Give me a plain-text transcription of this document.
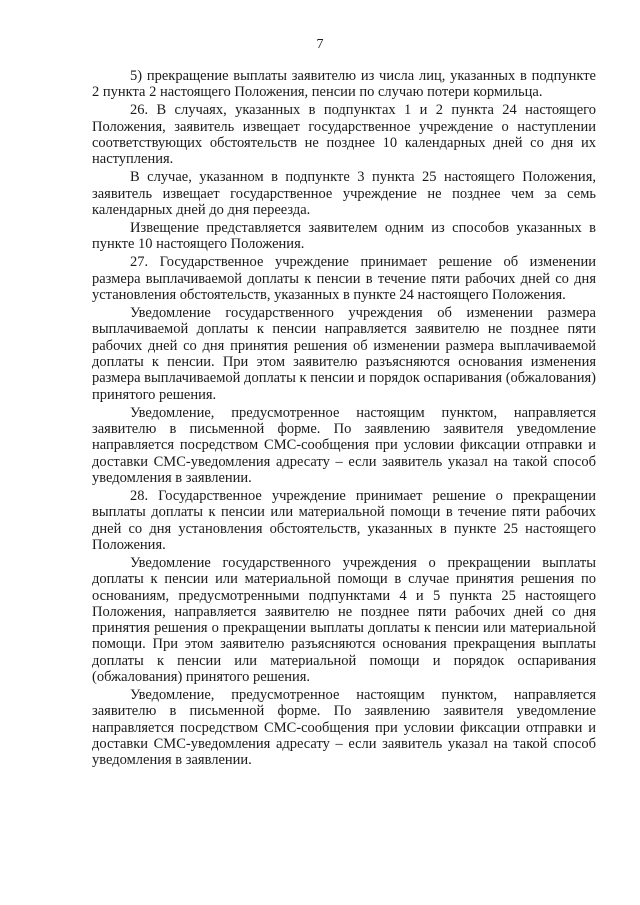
7

5) прекращение выплаты заявителю из числа лиц, указанных в подпункте 2 пункта 2 настоящего Положения, пенсии по случаю потери кормильца.

26. В случаях, указанных в подпунктах 1 и 2 пункта 24 настоящего Положения, заявитель извещает государственное учреждение о наступлении соответствующих обстоятельств не позднее 10 календарных дней со дня их наступления.

В случае, указанном в подпункте 3 пункта 25 настоящего Положения, заявитель извещает государственное учреждение не позднее чем за семь календарных дней до дня переезда.

Извещение представляется заявителем одним из способов указанных в пункте 10 настоящего Положения.

27. Государственное учреждение принимает решение об изменении размера выплачиваемой доплаты к пенсии в течение пяти рабочих дней со дня установления обстоятельств, указанных в пункте 24 настоящего Положения.

Уведомление государственного учреждения об изменении размера выплачиваемой доплаты к пенсии направляется заявителю не позднее пяти рабочих дней со дня принятия решения об изменении размера выплачиваемой доплаты к пенсии. При этом заявителю разъясняются основания изменения размера выплачиваемой доплаты к пенсии и порядок оспаривания (обжалования) принятого решения.

Уведомление, предусмотренное настоящим пунктом, направляется заявителю в письменной форме. По заявлению заявителя уведомление направляется посредством СМС-сообщения при условии фиксации отправки и доставки СМС-уведомления адресату – если заявитель указал на такой способ уведомления в заявлении.

28. Государственное учреждение принимает решение о прекращении выплаты доплаты к пенсии или материальной помощи в течение пяти рабочих дней со дня установления обстоятельств, указанных в пункте 25 настоящего Положения.

Уведомление государственного учреждения о прекращении выплаты доплаты к пенсии или материальной помощи в случае принятия решения по основаниям, предусмотренными подпунктами 4 и 5 пункта 25 настоящего Положения, направляется заявителю не позднее пяти рабочих дней со дня принятия решения о прекращении выплаты доплаты к пенсии или материальной помощи. При этом заявителю разъясняются основания прекращения выплаты доплаты к пенсии или материальной помощи и порядок оспаривания (обжалования) принятого решения.

Уведомление, предусмотренное настоящим пунктом, направляется заявителю в письменной форме. По заявлению заявителя уведомление направляется посредством СМС-сообщения при условии фиксации отправки и доставки СМС-уведомления адресату – если заявитель указал на такой способ уведомления в заявлении.
